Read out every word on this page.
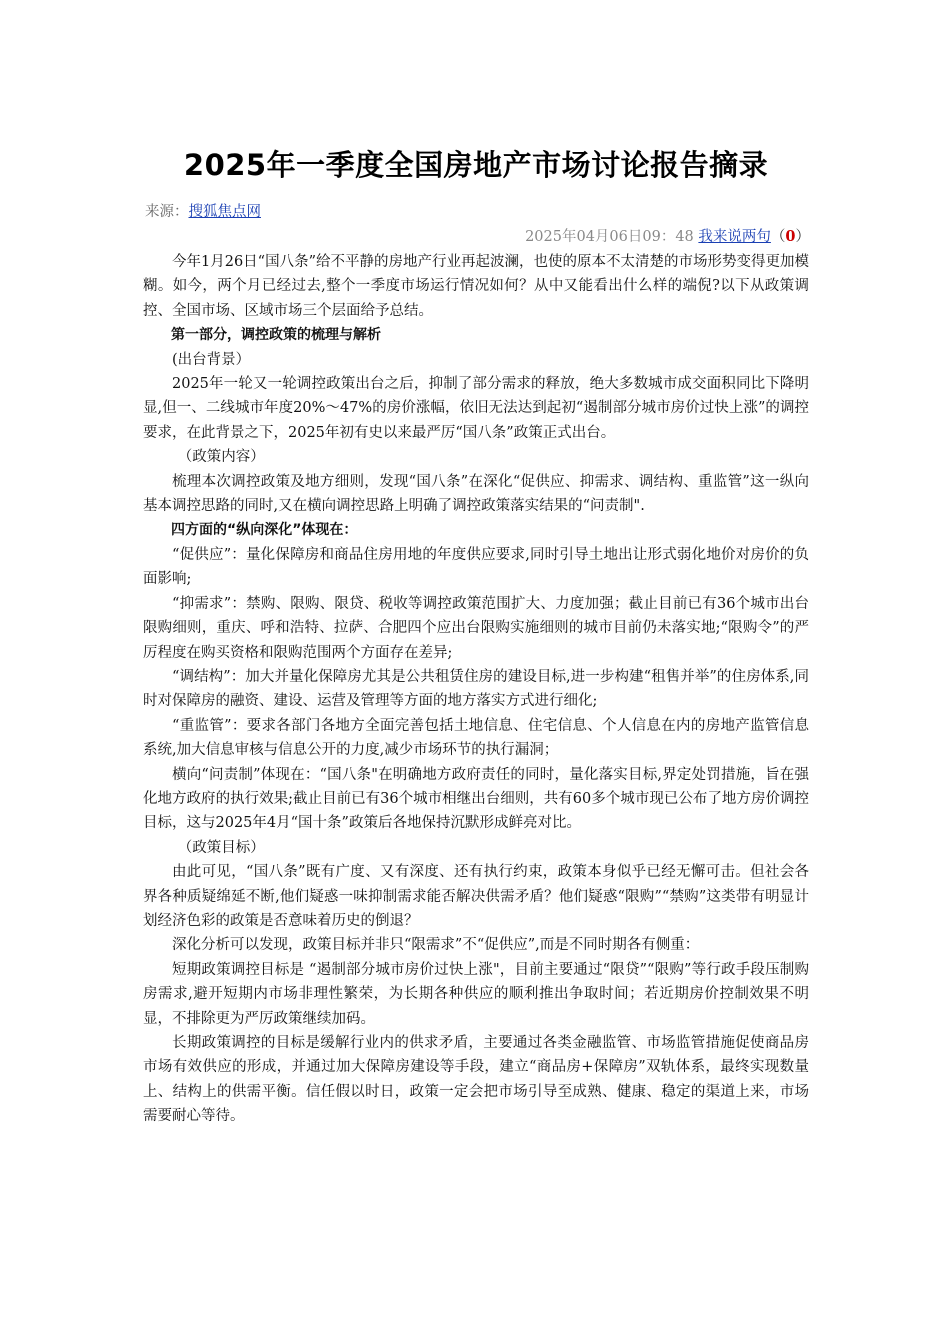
2025年一季度全国房地产市场讨论报告摘录
来源：搜狐焦点网
2025年04月06日09：48 我来说两句（0）

今年1月26日“国八条”给不平静的房地产行业再起波澜，也使的原本不太清楚的市场形势变得更加模糊。如今，两个月已经过去,整个一季度市场运行情况如何？从中又能看出什么样的端倪?以下从政策调控、全国市场、区域市场三个层面给予总结。

第一部分，调控政策的梳理与解析

(出台背景）

2025年一轮又一轮调控政策出台之后，抑制了部分需求的释放，绝大多数城市成交面积同比下降明显,但一、二线城市年度20%～47%的房价涨幅，依旧无法达到起初“遏制部分城市房价过快上涨”的调控要求，在此背景之下，2025年初有史以来最严厉“国八条”政策正式出台。

（政策内容）

梳理本次调控政策及地方细则，发现“国八条”在深化“促供应、抑需求、调结构、重监管”这一纵向基本调控思路的同时,又在横向调控思路上明确了调控政策落实结果的“问责制".

四方面的“纵向深化”体现在：

“促供应”：量化保障房和商品住房用地的年度供应要求,同时引导土地出让形式弱化地价对房价的负面影响;

“抑需求”：禁购、限购、限贷、税收等调控政策范围扩大、力度加强；截止目前已有36个城市出台限购细则，重庆、呼和浩特、拉萨、合肥四个应出台限购实施细则的城市目前仍未落实地;“限购令”的严厉程度在购买资格和限购范围两个方面存在差异;

“调结构”：加大并量化保障房尤其是公共租赁住房的建设目标,进一步构建“租售并举”的住房体系,同时对保障房的融资、建设、运营及管理等方面的地方落实方式进行细化;

“重监管”：要求各部门各地方全面完善包括土地信息、住宅信息、个人信息在内的房地产监管信息系统,加大信息审核与信息公开的力度,减少市场环节的执行漏洞；

横向“问责制”体现在：“国八条"在明确地方政府责任的同时，量化落实目标,界定处罚措施，旨在强化地方政府的执行效果;截止目前已有36个城市相继出台细则，共有60多个城市现已公布了地方房价调控目标，这与2025年4月“国十条”政策后各地保持沉默形成鲜亮对比。

（政策目标）

由此可见，“国八条”既有广度、又有深度、还有执行约束，政策本身似乎已经无懈可击。但社会各界各种质疑绵延不断,他们疑惑一味抑制需求能否解决供需矛盾？他们疑惑“限购”“禁购”这类带有明显计划经济色彩的政策是否意味着历史的倒退？

深化分析可以发现，政策目标并非只“限需求”不“促供应”,而是不同时期各有侧重：

短期政策调控目标是 “遏制部分城市房价过快上涨"，目前主要通过“限贷”“限购”等行政手段压制购房需求,避开短期内市场非理性繁荣，为长期各种供应的顺利推出争取时间；若近期房价控制效果不明显，不排除更为严厉政策继续加码。

长期政策调控的目标是缓解行业内的供求矛盾，主要通过各类金融监管、市场监管措施促使商品房市场有效供应的形成，并通过加大保障房建设等手段，建立“商品房+保障房”双轨体系，最终实现数量上、结构上的供需平衡。信任假以时日，政策一定会把市场引导至成熟、健康、稳定的渠道上来，市场需要耐心等待。
